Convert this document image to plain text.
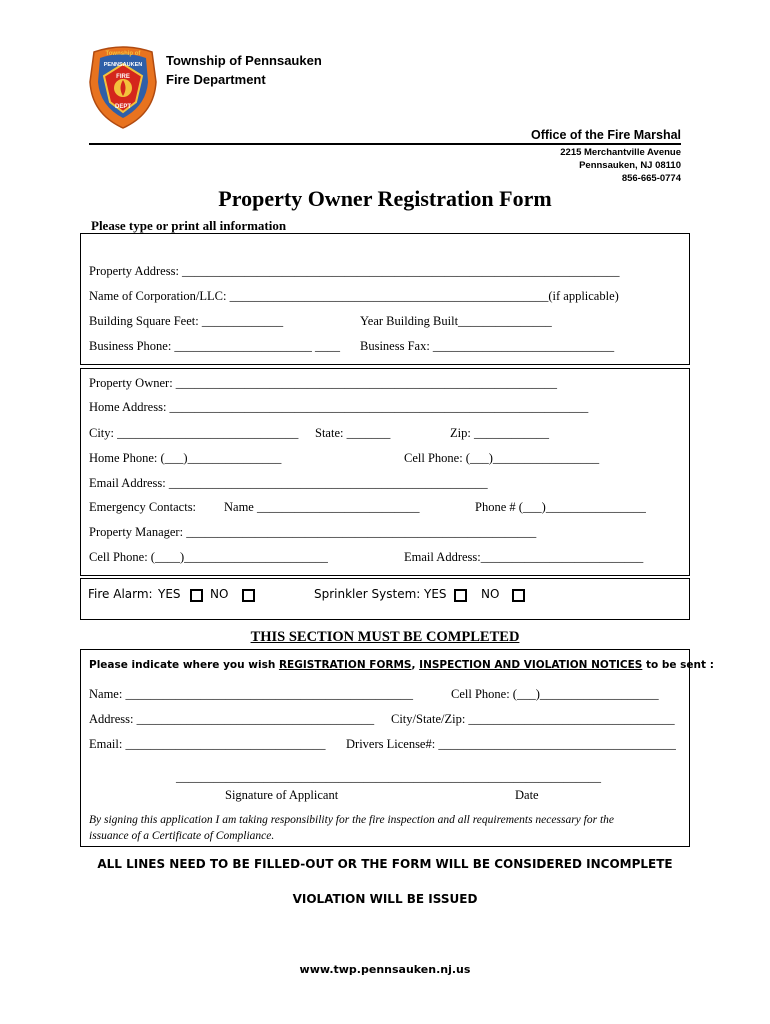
Township of
PENNSAUKEN
FIRE
DEPT
Township of Pennsauken
Fire Department
Office of the Fire Marshal
2215 Merchantville Avenue
Pennsauken, NJ 08110
856-665-0774
Property Owner Registration Form
Please type or print all information
Property Address: ______________________________________________________________________
Name of Corporation/LLC: ___________________________________________________(if applicable)
Building Square Feet: _____________	Year Building Built_______________
Business Phone: ______________________ ____ Business Fax: _____________________________
Property Owner: _____________________________________________________________
Home Address: ___________________________________________________________________
City: _____________________________ State: _______	Zip: ____________
Home Phone: (___)_______________	Cell Phone: (___)_________________
Email Address: ___________________________________________________
Emergency Contacts: Name __________________________	Phone # (___)________________
Property Manager: ________________________________________________________
Cell Phone: (____)_______________________	Email Address:__________________________
Fire Alarm: YES NO	Sprinkler System: YES	NO
THIS SECTION MUST BE COMPLETED
Please indicate where you wish REGISTRATION FORMS, INSPECTION AND VIOLATION NOTICES to be sent :
Name: ______________________________________________	Cell Phone: (___)___________________
Address: ______________________________________ City/State/Zip: _________________________________
Email: ________________________________ Drivers License#: ______________________________________
____________________________________________________________________
Signature of Applicant	Date
By signing this application I am taking responsibility for the fire inspection and all requirements necessary for the
issuance of a Certificate of Compliance.
ALL LINES NEED TO BE FILLED-OUT OR THE FORM WILL BE CONSIDERED INCOMPLETE
VIOLATION WILL BE ISSUED
www.twp.pennsauken.nj.us
